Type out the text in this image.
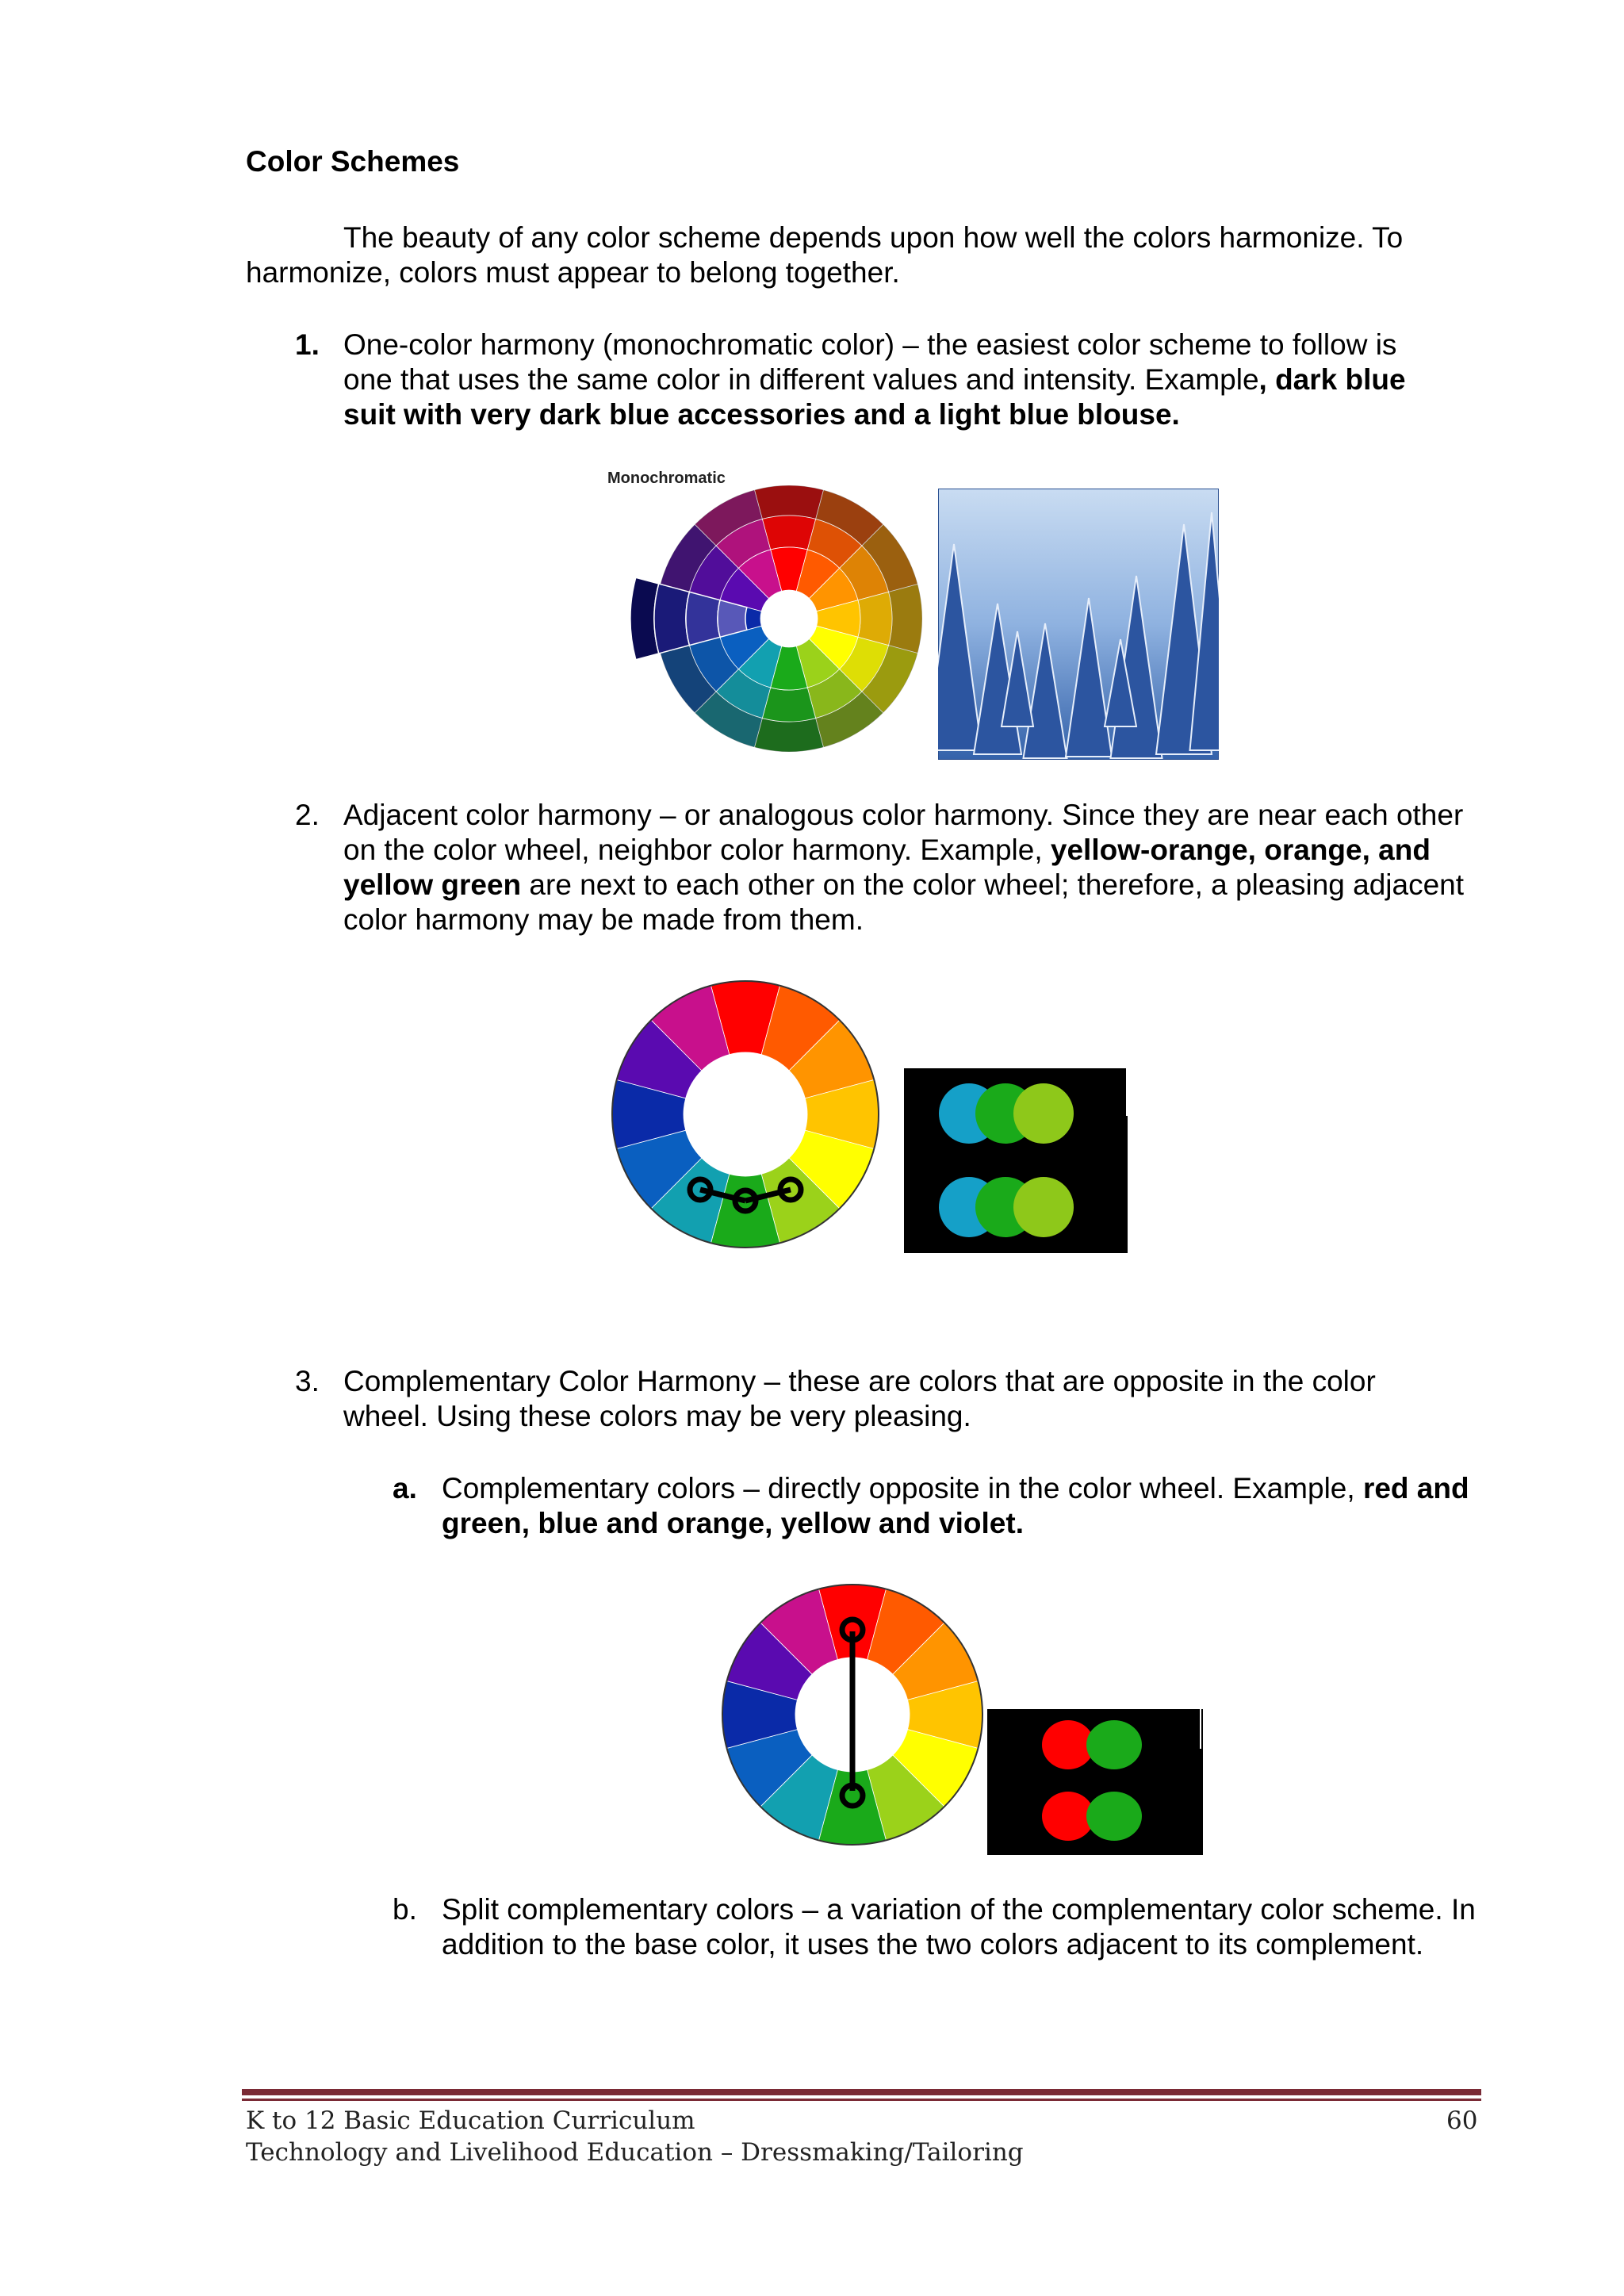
Color Schemes
The beauty of any color scheme depends upon how well the colors harmonize. To harmonize, colors must appear to belong together.
1. One-color harmony (monochromatic color) – the easiest color scheme to follow is one that uses the same color in different values and intensity. Example, dark blue suit with very dark blue accessories and a light blue blouse.
Monochromatic
2. Adjacent color harmony – or analogous color harmony. Since they are near each other on the color wheel, neighbor color harmony. Example, yellow-orange, orange, and yellow green are next to each other on the color wheel; therefore, a pleasing adjacent color harmony may be made from them.
3. Complementary Color Harmony – these are colors that are opposite in the color wheel. Using these colors may be very pleasing.
a. Complementary colors – directly opposite in the color wheel. Example, red and green, blue and orange, yellow and violet.
b. Split complementary colors – a variation of the complementary color scheme. In addition to the base color, it uses the two colors adjacent to its complement.
K to 12 Basic Education Curriculum
Technology and Livelihood Education – Dressmaking/Tailoring
60
